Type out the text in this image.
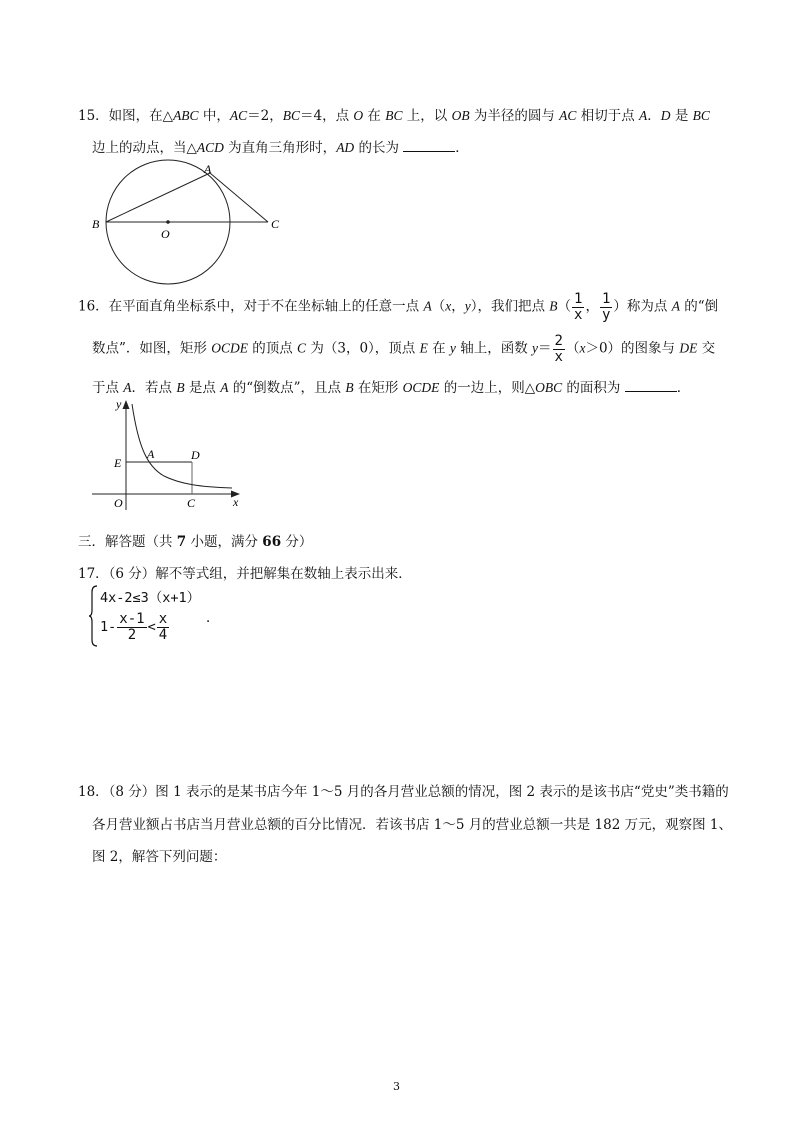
15．如图，在△ABC 中，AC＝2，BC＝4，点 O 在 BC 上，以 OB 为半径的圆与 AC 相切于点 A．D 是 BC
边上的动点，当△ACD 为直角三角形时，AD 的长为	．
A
B
O
C
16．在平面直角坐标系中，对于不在坐标轴上的任意一点 A（x，y），我们把点 $B( \frac{1}{x}$ ， $\frac{1}{y}$ ）称为点 A 的“倒
数点”．如图，矩形 OCDE 的顶点 C 为（3，0），顶点 E 在 y 轴上，函数 $y= \frac{2}{x} (x>0)$的图象与 DE 交
于点 A．若点 B 是点 A 的“倒数点”，且点 B 在矩形 OCDE 的一边上，则△OBC 的面积为	．
y
E
A	D
O	C	x
三．解答题（共 7 小题，满分 66 分）
17．（6 分）解不等式组，并把解集在数轴上表示出来．
4x-2≤3（x+1）
$1- \frac{x-1}{2} < \frac{x}{4}$	．
18．（8 分）图 1 表示的是某书店今年 1～5 月的各月营业总额的情况，图 2 表示的是该书店“党史”类书籍的
各月营业额占书店当月营业总额的百分比情况．若该书店 1～5 月的营业总额一共是 182 万元，观察图 1、
图 2，解答下列问题：
3
